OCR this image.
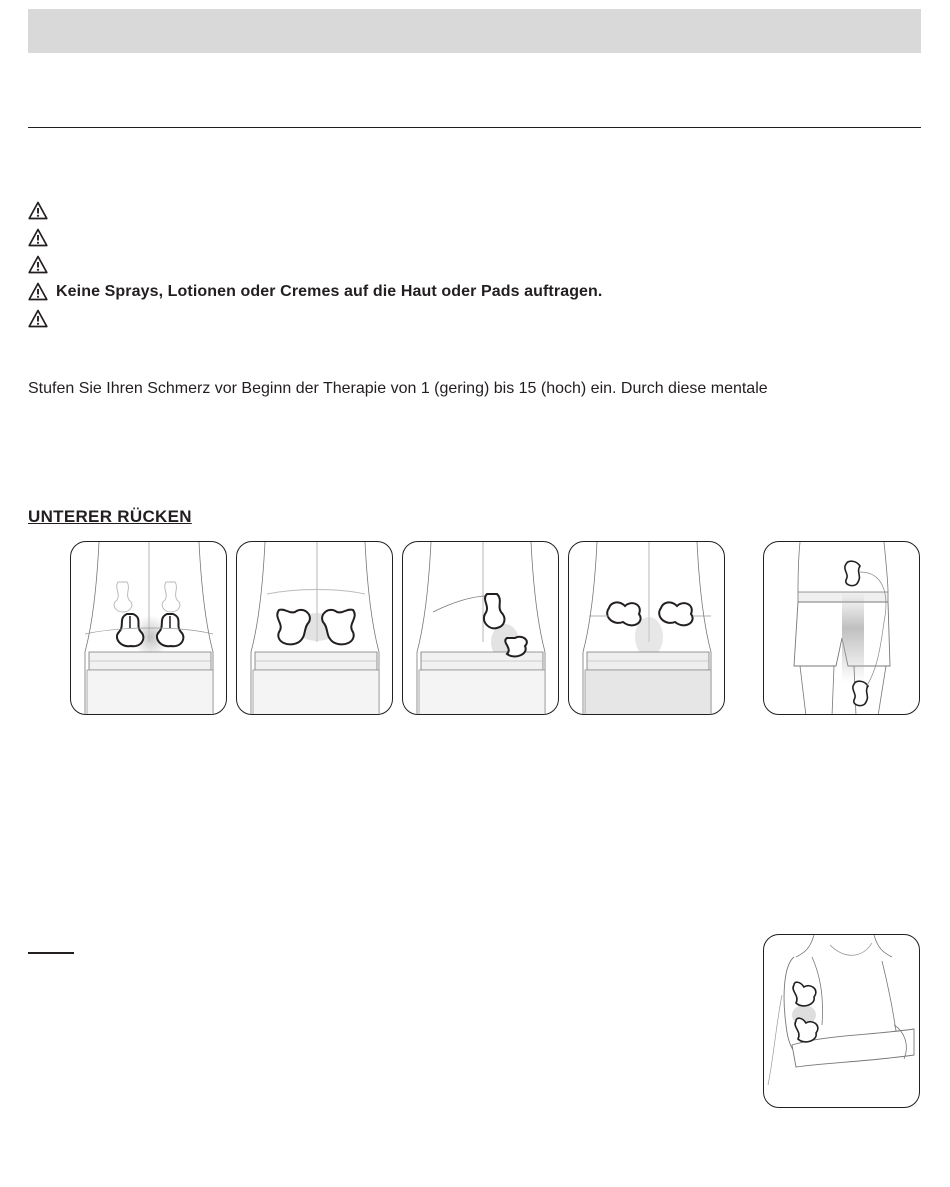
Keine Sprays, Lotionen oder Cremes auf die Haut oder Pads auftragen.
Stufen Sie Ihren Schmerz vor Beginn der Therapie von 1 (gering) bis 15 (hoch) ein. Durch diese mentale
UNTERER RÜCKEN
